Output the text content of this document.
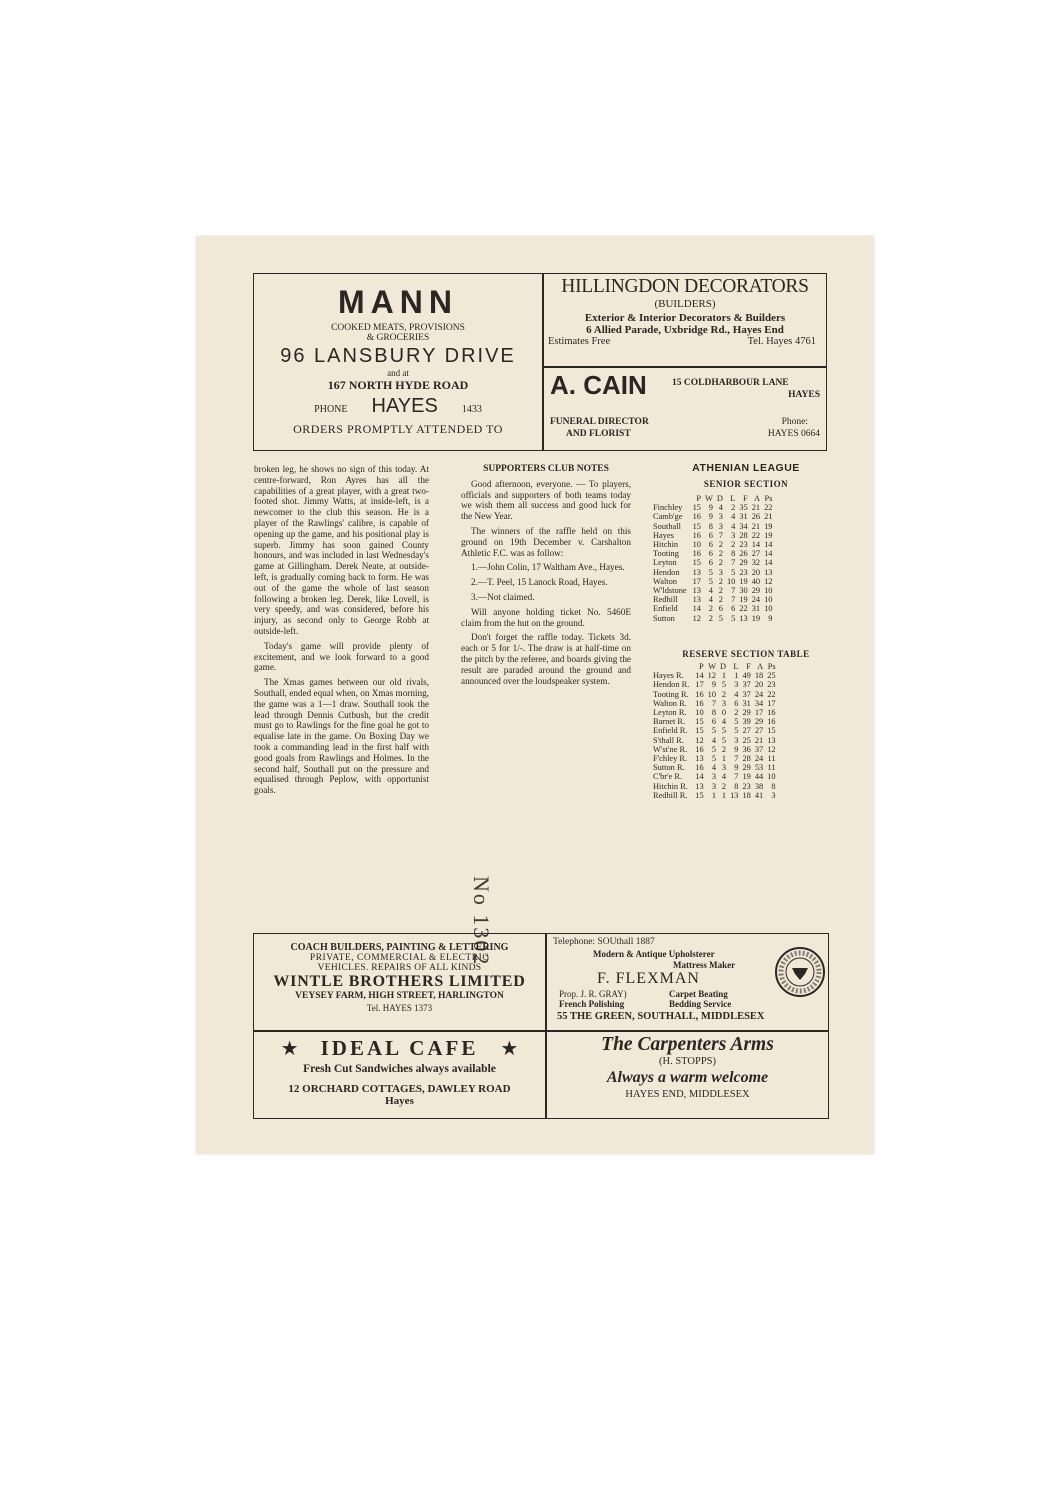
MANN
COOKED MEATS, PROVISIONS
& GROCERIES
96 LANSBURY DRIVE
and at
167 NORTH HYDE ROAD
PHONE HAYES 1433
ORDERS PROMPTLY ATTENDED TO
HILLINGDON DECORATORS
(BUILDERS)
Exterior & Interior Decorators & Builders
6 Allied Parade, Uxbridge Rd., Hayes End
Estimates Free	Tel. Hayes 4761
A. CAIN	15 COLDHARBOUR LANE
HAYES
FUNERAL DIRECTOR
AND FLORIST
Phone:
HAYES 0664

broken leg, he shows no sign of this today. At centre-forward, Ron Ayres has all the capabilities of a great player, with a great two-footed shot. Jimmy Watts, at inside-left, is a newcomer to the club this season. He is a player of the Rawlings' calibre, is capable of opening up the game, and his positional play is superb. Jimmy has soon gained County honours, and was included in last Wednesday's game at Gillingham. Derek Neate, at outside-left, is gradually coming back to form. He was out of the game the whole of last season following a broken leg. Derek, like Lovell, is very speedy, and was considered, before his injury, as second only to George Robb at outside-left.

Today's game will provide plenty of excitement, and we look forward to a good game.

The Xmas games between our old rivals, Southall, ended equal when, on Xmas morning, the game was a 1—1 draw. Southall took the lead through Dennis Cutbush, but the credit must go to Rawlings for the fine goal he got to equalise late in the game. On Boxing Day we took a commanding lead in the first half with good goals from Rawlings and Holmes. In the second half, Southall put on the pressure and equalised through Peplow, with opportunist goals.

SUPPORTERS CLUB NOTES

Good afternoon, everyone. — To players, officials and supporters of both teams today we wish them all success and good luck for the New Year.

The winners of the raffle held on this ground on 19th December v. Carshalton Athletic F.C. was as follow:

1.—John Colin, 17 Waltham Ave., Hayes.

2.—T. Peel, 15 Lanock Road, Hayes.

3.—Not claimed.

Will anyone holding ticket No. 5460E claim from the hut on the ground.

Don't forget the raffle today. Tickets 3d. each or 5 for 1/-. The draw is at half-time on the pitch by the referee, and boards giving the result are paraded around the ground and announced over the loudspeaker system.

No 1302
ATHENIAN LEAGUE
SENIOR SECTION
	P	W	D	L	F	A	Ps
Finchley	15	9	4	2	35	21	22
Camb'ge	16	9	3	4	31	26	21
Southall	15	8	3	4	34	21	19
Hayes	16	6	7	3	28	22	19
Hitchin	10	6	2	2	23	14	14
Tooting	16	6	2	8	26	27	14
Leyton	15	6	2	7	29	32	14
Hendon	13	5	3	5	23	20	13
Walton	17	5	2	10	19	40	12
W'ldstone	13	4	2	7	30	29	10
Redhill	13	4	2	7	19	24	10
Enfield	14	2	6	6	22	31	10
Sutton	12	2	5	5	13	19	9
RESERVE SECTION TABLE
	P	W	D	L	F	A	Ps
Hayes R.	14	12	1	1	49	18	25
Hendon R.	17	9	5	3	37	20	23
Tooting R.	16	10	2	4	37	24	22
Walton R.	16	7	3	6	31	34	17
Leyton R.	10	8	0	2	29	17	16
Barnet R.	15	6	4	5	39	29	16
Enfield R.	15	5	5	5	27	27	15
S'thall R.	12	4	5	3	25	21	13
W'st'ne R.	16	5	2	9	36	37	12
F'chley R.	13	5	1	7	28	24	11
Sutton R.	16	4	3	9	29	53	11
C'br'e R.	14	3	4	7	19	44	10
Hitchin R.	13	3	2	8	23	38	8
Redhill R.	15	1	1	13	18	41	3
COACH BUILDERS, PAINTING & LETTERING
PRIVATE, COMMERCIAL & ELECTRIC
VEHICLES. REPAIRS OF ALL KINDS
WINTLE BROTHERS LIMITED
VEYSEY FARM, HIGH STREET, HARLINGTON
Tel. HAYES 1373
Telephone: SOUthall 1887
Modern & Antique Upholsterer
Mattress Maker
F. FLEXMAN
Prop. J. R. GRAY)	Carpet Beating
French Polishing	Bedding Service
55 THE GREEN, SOUTHALL, MIDDLESEX
★ IDEAL CAFE ★
Fresh Cut Sandwiches always available
12 ORCHARD COTTAGES, DAWLEY ROAD
Hayes
The Carpenters Arms
(H. STOPPS)
Always a warm welcome
HAYES END, MIDDLESEX
